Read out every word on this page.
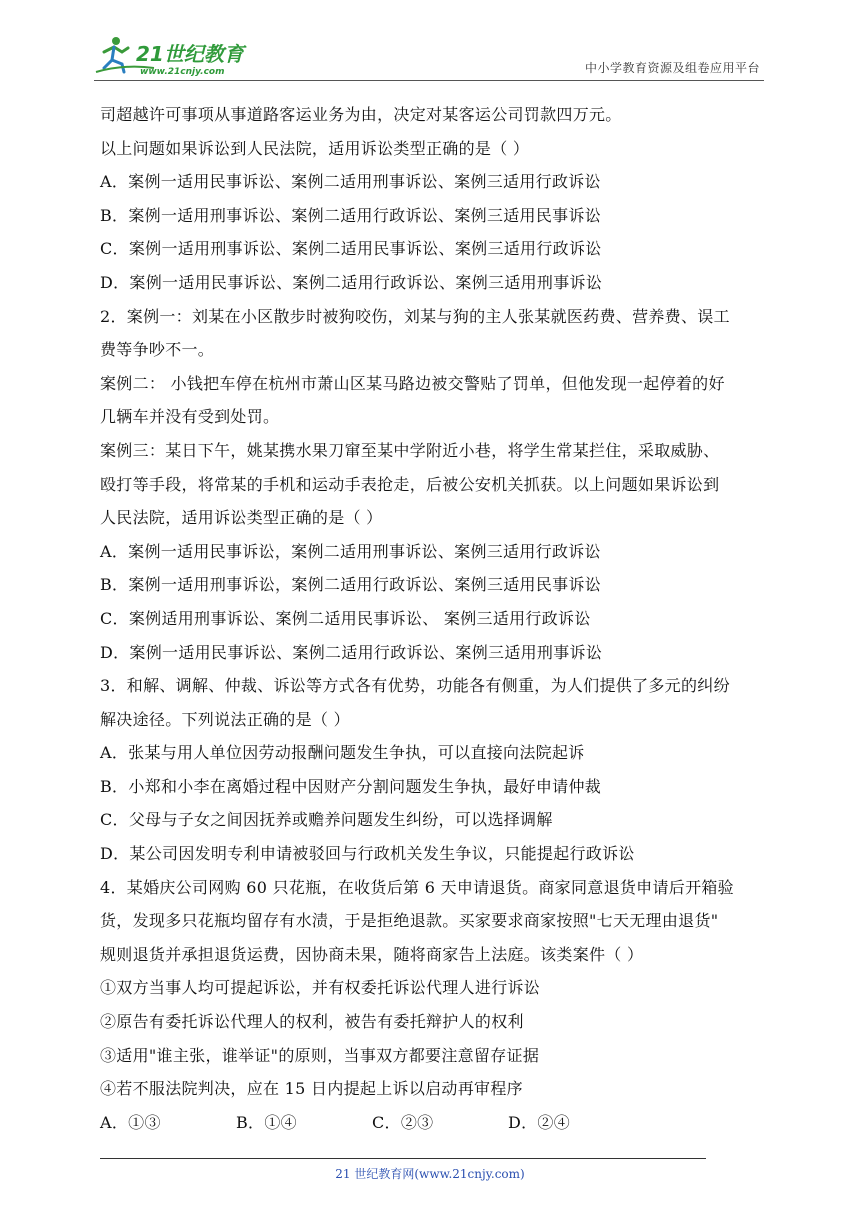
21世纪教育
www.21cnjy.com	中小学教育资源及组卷应用平台
司超越许可事项从事道路客运业务为由，决定对某客运公司罚款四万元。
以上问题如果诉讼到人民法院，适用诉讼类型正确的是（ ）
A．案例一适用民事诉讼、案例二适用刑事诉讼、案例三适用行政诉讼
B．案例一适用刑事诉讼、案例二适用行政诉讼、案例三适用民事诉讼
C．案例一适用刑事诉讼、案例二适用民事诉讼、案例三适用行政诉讼
D．案例一适用民事诉讼、案例二适用行政诉讼、案例三适用刑事诉讼
2．案例一：刘某在小区散步时被狗咬伤，刘某与狗的主人张某就医药费、营养费、误工
费等争吵不一。
案例二： 小钱把车停在杭州市萧山区某马路边被交警贴了罚单，但他发现一起停着的好
几辆车并没有受到处罚。
案例三：某日下午，姚某携水果刀窜至某中学附近小巷，将学生常某拦住，采取威胁、
殴打等手段，将常某的手机和运动手表抢走，后被公安机关抓获。以上问题如果诉讼到
人民法院，适用诉讼类型正确的是（ ）
A．案例一适用民事诉讼，案例二适用刑事诉讼、案例三适用行政诉讼
B．案例一适用刑事诉讼，案例二适用行政诉讼、案例三适用民事诉讼
C．案例适用刑事诉讼、案例二适用民事诉讼、 案例三适用行政诉讼
D．案例一适用民事诉讼、案例二适用行政诉讼、案例三适用刑事诉讼
3．和解、调解、仲裁、诉讼等方式各有优势，功能各有侧重，为人们提供了多元的纠纷
解决途径。下列说法正确的是（ ）
A．张某与用人单位因劳动报酬问题发生争执，可以直接向法院起诉
B．小郑和小李在离婚过程中因财产分割问题发生争执，最好申请仲裁
C．父母与子女之间因抚养或赡养问题发生纠纷，可以选择调解
D．某公司因发明专利申请被驳回与行政机关发生争议，只能提起行政诉讼
4．某婚庆公司网购 60 只花瓶，在收货后第 6 天申请退货。商家同意退货申请后开箱验
货，发现多只花瓶均留存有水渍，于是拒绝退款。买家要求商家按照"七天无理由退货"
规则退货并承担退货运费，因协商未果，随将商家告上法庭。该类案件（ ）
①双方当事人均可提起诉讼，并有权委托诉讼代理人进行诉讼
②原告有委托诉讼代理人的权利，被告有委托辩护人的权利
③适用"谁主张，谁举证"的原则，当事双方都要注意留存证据
④若不服法院判决，应在 15 日内提起上诉以启动再审程序
A．①③	B．①④	C．②③	D．②④
21 世纪教育网(www.21cnjy.com)
